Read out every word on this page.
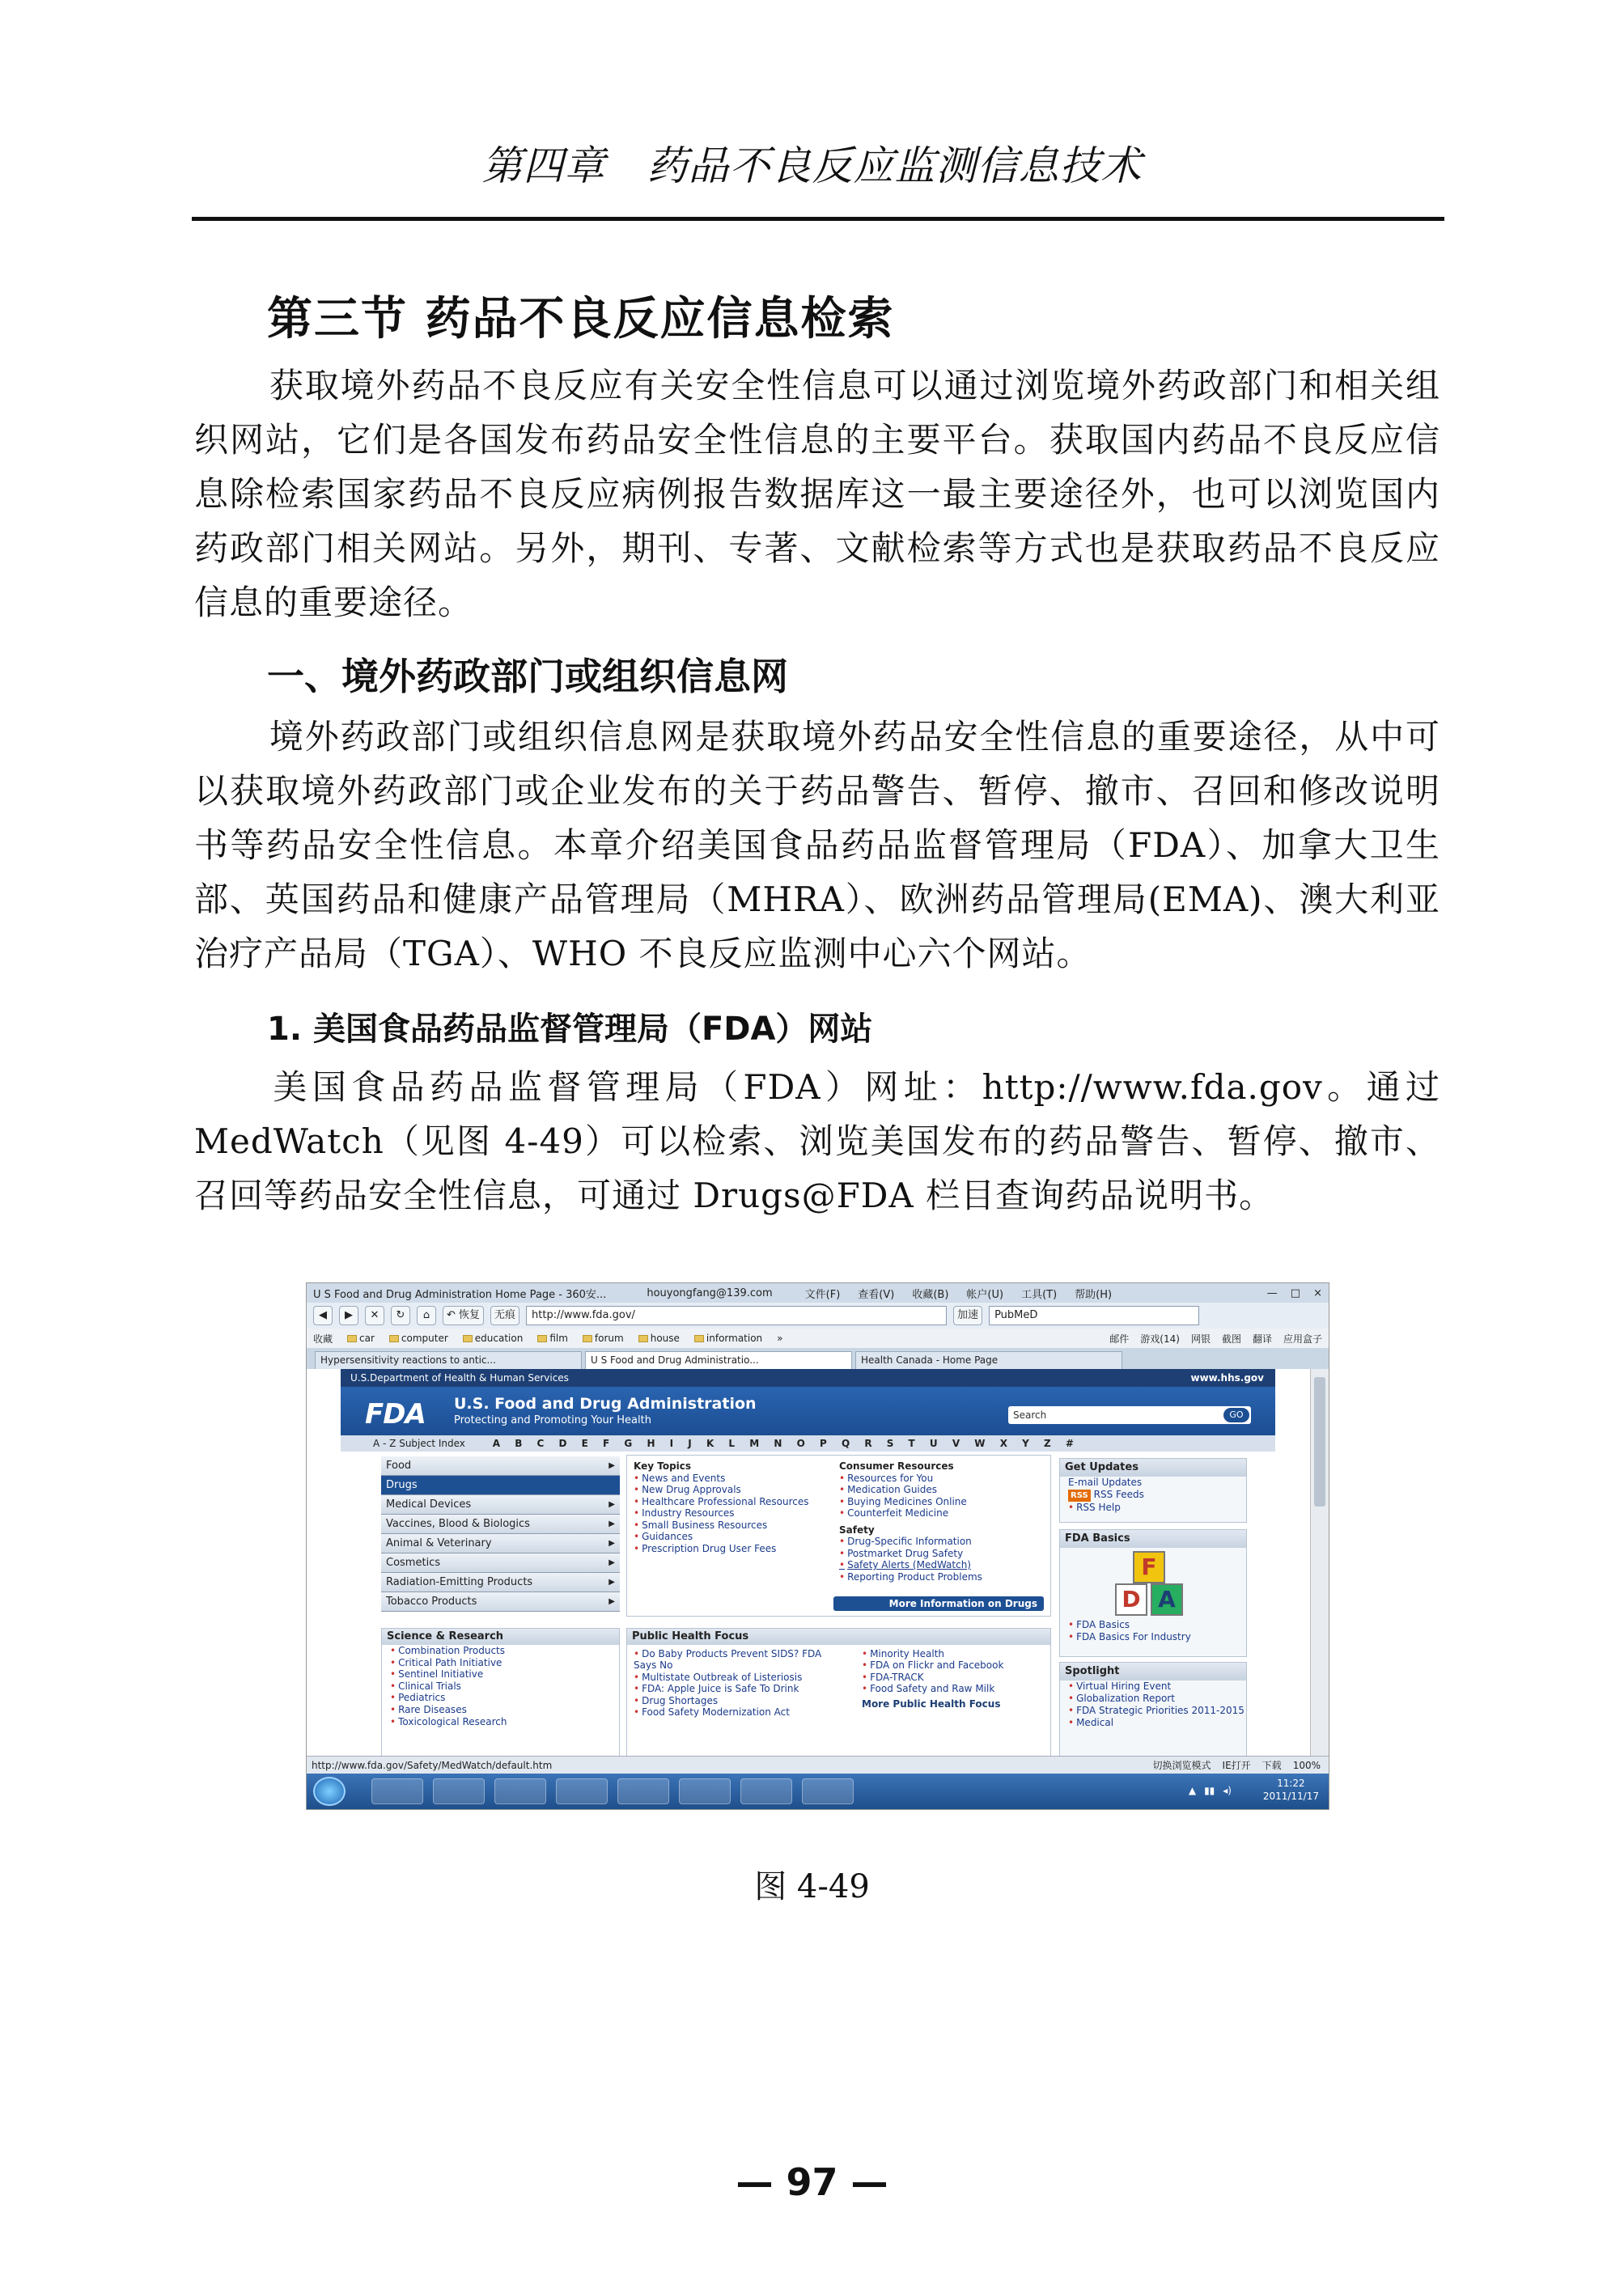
第四章　药品不良反应监测信息技术
第三节 药品不良反应信息检索
获取境外药品不良反应有关安全性信息可以通过浏览境外药政部门和相关组织网站，它们是各国发布药品安全性信息的主要平台。获取国内药品不良反应信息除检索国家药品不良反应病例报告数据库这一最主要途径外，也可以浏览国内药政部门相关网站。另外，期刊、专著、文献检索等方式也是获取药品不良反应信息的重要途径。
一、境外药政部门或组织信息网
境外药政部门或组织信息网是获取境外药品安全性信息的重要途径，从中可以获取境外药政部门或企业发布的关于药品警告、暂停、撤市、召回和修改说明书等药品安全性信息。本章介绍美国食品药品监督管理局（FDA）、加拿大卫生部、英国药品和健康产品管理局（MHRA）、欧洲药品管理局(EMA)、澳大利亚治疗产品局（TGA）、WHO 不良反应监测中心六个网站。
1. 美国食品药品监督管理局（FDA）网站
美国食品药品监督管理局（FDA）网址：http://www.fda.gov。通过 MedWatch（见图 4-49）可以检索、浏览美国发布的药品警告、暂停、撤市、召回等药品安全性信息，可通过 Drugs@FDA 栏目查询药品说明书。
U S Food and Drug Administration Home Page - 360安...	houyongfang@139.com	文件(F) 查看(V) 收藏(B) 帐户(U) 工具(T) 帮助(H)	— □ ×
◀	▶	✕	↻	⌂	↶ 恢复	无痕	http://www.fda.gov/	加速	PubMeD
收藏	car	computer	education	film	forum	house	information »	邮件 游戏(14) 网银 截图 翻译 应用盒子
Hypersensitivity reactions to antic...	U S Food and Drug Administratio...	Health Canada - Home Page
U.S.Department of Health & Human Services	www.hhs.gov
FDA U.S. Food and Drug Administration
Protecting and Promoting Your Health	Search	GO
A - Z Subject Index	A B C D E F G H I J K L M N O P Q R S T U V W X Y Z #
Food	▶
Drugs
Medical Devices	▶
Vaccines, Blood & Biologics	▶
Animal & Veterinary	▶
Cosmetics	▶
Radiation-Emitting Products	▶
Tobacco Products	▶
Key Topics
• News and Events
• New Drug Approvals
• Healthcare Professional Resources
• Industry Resources
• Small Business Resources
• Guidances
• Prescription Drug User Fees
Consumer Resources
• Resources for You
• Medication Guides
• Buying Medicines Online
• Counterfeit Medicine
Safety
• Drug-Specific Information
• Postmarket Drug Safety
• Safety Alerts (MedWatch)
• Reporting Product Problems
More Information on Drugs
Get Updates
E-mail Updates
RSS RSS Feeds
• RSS Help
FDA Basics
F
D A
• FDA Basics
• FDA Basics For Industry
Spotlight
• Virtual Hiring Event
• Globalization Report
• FDA Strategic Priorities 2011-2015
• Medical
Science & Research
• Combination Products
• Critical Path Initiative
• Sentinel Initiative
• Clinical Trials
• Pediatrics
• Rare Diseases
• Toxicological Research
Public Health Focus
• Do Baby Products Prevent SIDS? FDA Says No
• Multistate Outbreak of Listeriosis
• FDA: Apple Juice is Safe To Drink
• Drug Shortages
• Food Safety Modernization Act
• Minority Health
• FDA on Flickr and Facebook
• FDA-TRACK
• Food Safety and Raw Milk
More Public Health Focus
http://www.fda.gov/Safety/MedWatch/default.htm	切换浏览模式 IE打开 下载 100%
▲ ▮▮ ◂)
11:22
2011/11/17
图 4-49
— 97 —
